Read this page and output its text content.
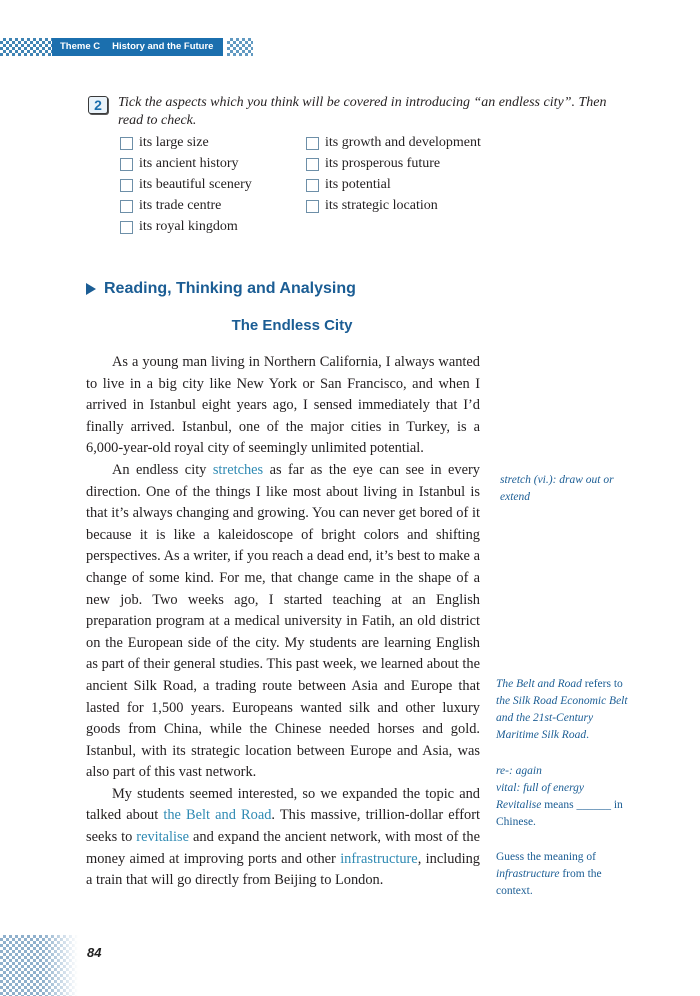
Theme C History and the Future
2	Tick the aspects which you think will be covered in introducing “an endless city”. Then read to check.
its large size
its ancient history
its beautiful scenery
its trade centre
its royal kingdom
its growth and development
its prosperous future
its potential
its strategic location
Reading, Thinking and Analysing
The Endless City

As a young man living in Northern California, I always wanted to live in a big city like New York or San Francisco, and when I arrived in Istanbul eight years ago, I sensed immediately that I’d finally arrived. Istanbul, one of the major cities in Turkey, is a 6,000-year-old royal city of seemingly unlimited potential.

An endless city stretches as far as the eye can see in every direction. One of the things I like most about living in Istanbul is that it’s always changing and growing. You can never get bored of it because it is like a kaleidoscope of bright colors and shifting perspectives. As a writer, if you reach a dead end, it’s best to make a change of some kind. For me, that change came in the shape of a new job. Two weeks ago, I started teaching at an English preparation program at a medical university in Fatih, an old district on the European side of the city. My students are learning English as part of their general studies. This past week, we learned about the ancient Silk Road, a trading route between Asia and Europe that lasted for 1,500 years. Europeans wanted silk and other luxury goods from China, while the Chinese needed horses and gold. Istanbul, with its strategic location between Europe and Asia, was also part of this vast network.

My students seemed interested, so we expanded the topic and talked about the Belt and Road. This massive, trillion-dollar effort seeks to revitalise and expand the ancient network, with most of the money aimed at improving ports and other infrastructure, including a train that will go directly from Beijing to London.

stretch (vi.): draw out or extend
The Belt and Road refers to the Silk Road Economic Belt and the 21st-Century Maritime Silk Road.
re-: again
vital: full of energy
Revitalise means ______ in Chinese.
Guess the meaning of infrastructure from the context.
84
